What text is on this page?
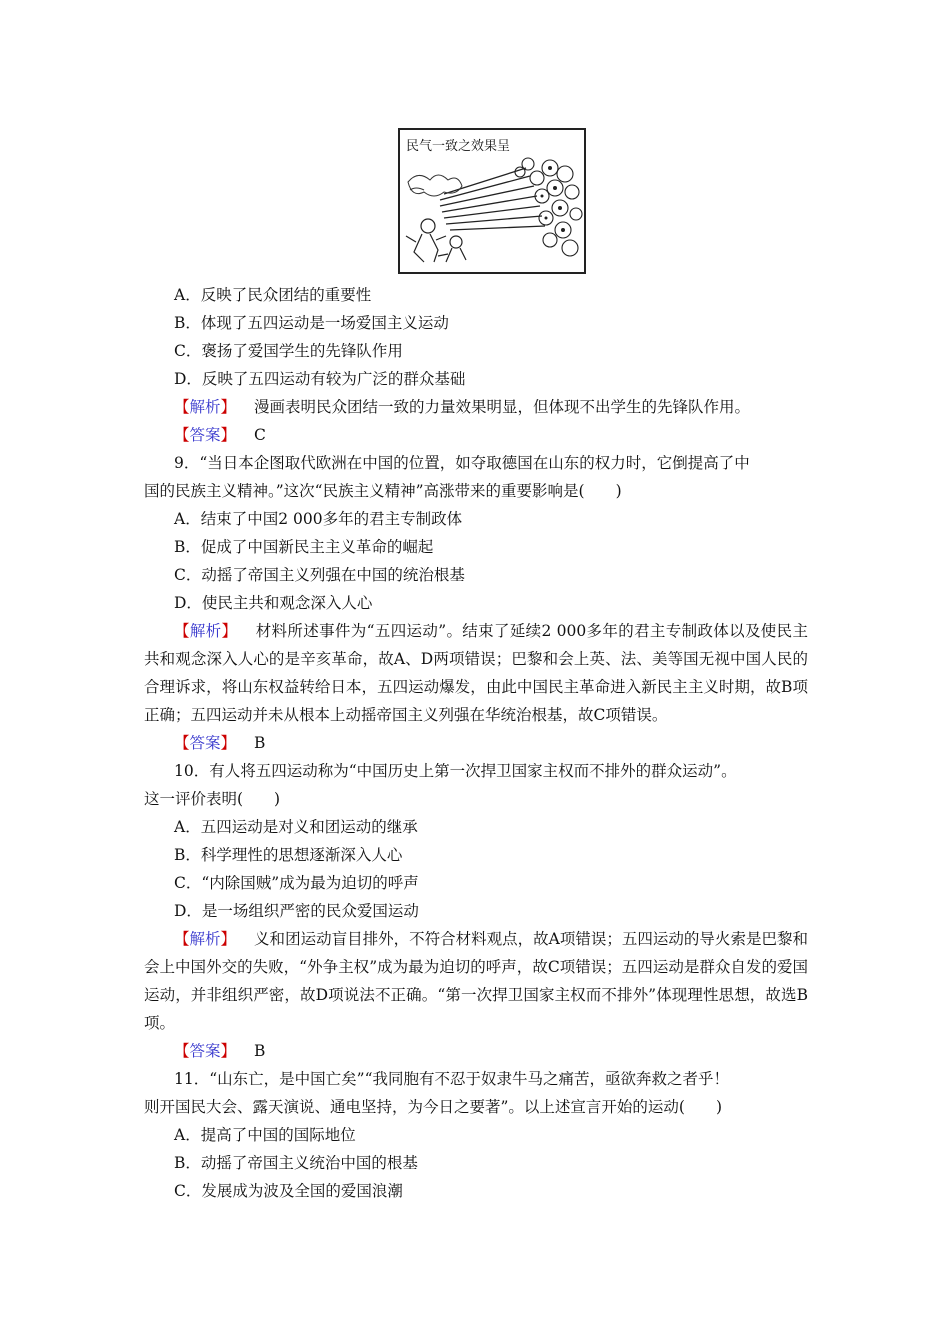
民气一致之效果呈
A．反映了民众团结的重要性
B．体现了五四运动是一场爱国主义运动
C．褒扬了爱国学生的先锋队作用
D．反映了五四运动有较为广泛的群众基础
【解析】 漫画表明民众团结一致的力量效果明显，但体现不出学生的先锋队作用。
【答案】 C
9．“当日本企图取代欧洲在中国的位置，如夺取德国在山东的权力时，它倒提高了中
国的民族主义精神。”这次“民族主义精神”高涨带来的重要影响是(　　)
A．结束了中国2 000多年的君主专制政体
B．促成了中国新民主主义革命的崛起
C．动摇了帝国主义列强在中国的统治根基
D．使民主共和观念深入人心
【解析】 材料所述事件为“五四运动”。结束了延续2 000多年的君主专制政体以及使民主共和观念深入人心的是辛亥革命，故A、D两项错误；巴黎和会上英、法、美等国无视中国人民的合理诉求，将山东权益转给日本，五四运动爆发，由此中国民主革命进入新民主主义时期，故B项正确；五四运动并未从根本上动摇帝国主义列强在华统治根基，故C项错误。
【答案】 B
10．有人将五四运动称为“中国历史上第一次捍卫国家主权而不排外的群众运动”。
这一评价表明(　　)
A．五四运动是对义和团运动的继承
B．科学理性的思想逐渐深入人心
C．“内除国贼”成为最为迫切的呼声
D．是一场组织严密的民众爱国运动
【解析】 义和团运动盲目排外，不符合材料观点，故A项错误；五四运动的导火索是巴黎和会上中国外交的失败，“外争主权”成为最为迫切的呼声，故C项错误；五四运动是群众自发的爱国运动，并非组织严密，故D项说法不正确。“第一次捍卫国家主权而不排外”体现理性思想，故选B项。
【答案】 B
11．“山东亡，是中国亡矣”“我同胞有不忍于奴隶牛马之痛苦，亟欲奔救之者乎！
则开国民大会、露天演说、通电坚持，为今日之要著”。以上述宣言开始的运动(　　)
A．提高了中国的国际地位
B．动摇了帝国主义统治中国的根基
C．发展成为波及全国的爱国浪潮
